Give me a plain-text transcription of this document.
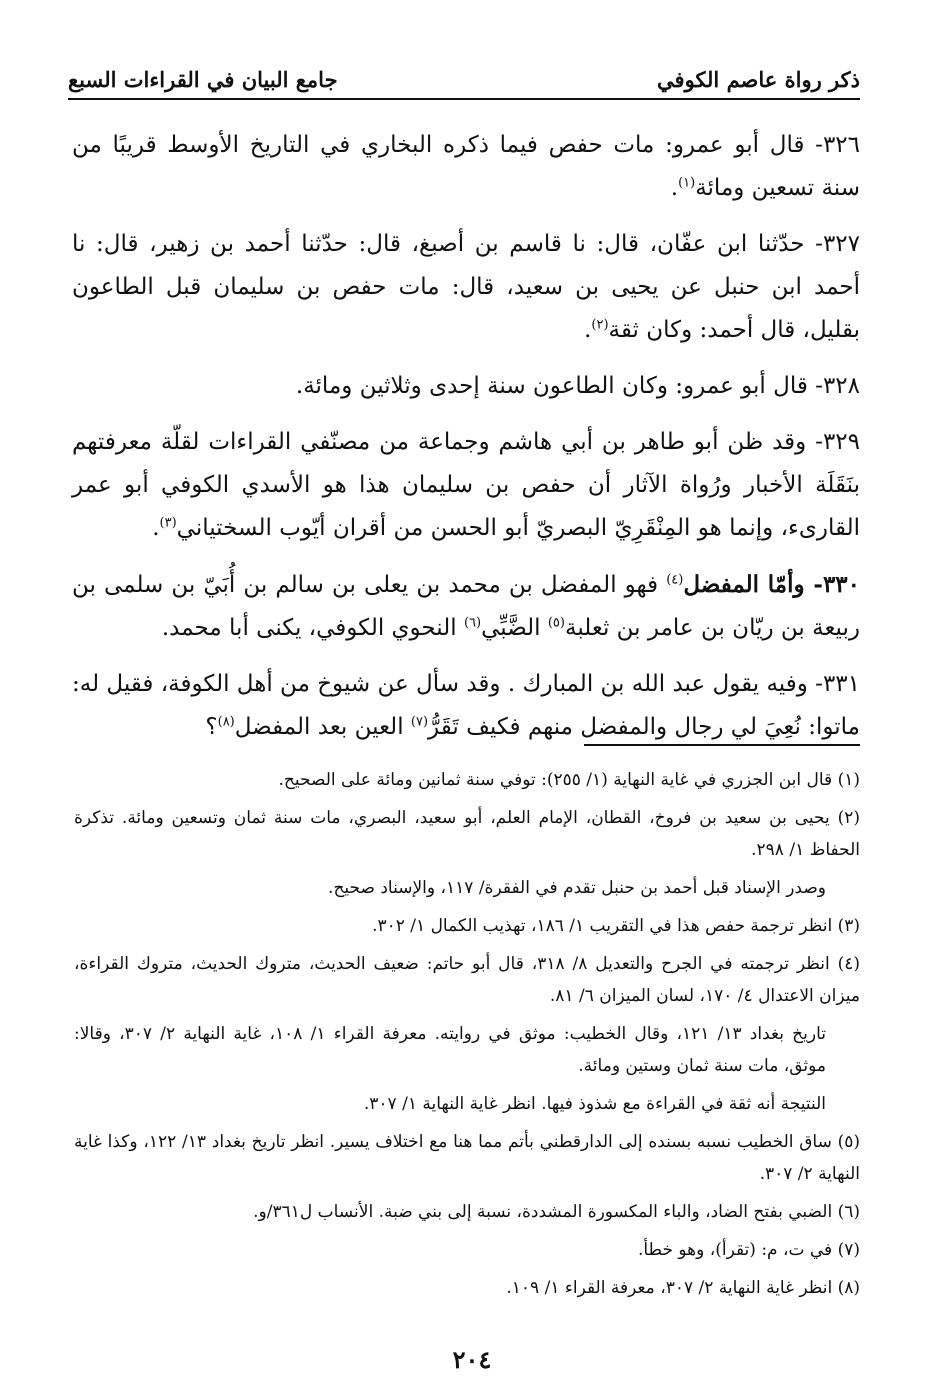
ذكر رواة عاصم الكوفي
جامع البيان في القراءات السبع

٣٢٦- قال أبو عمرو: مات حفص فيما ذكره البخاري في التاريخ الأوسط قريبًا من سنة تسعين ومائة$^{(١)}$.

٣٢٧- حدّثنا ابن عفّان، قال: نا قاسم بن أصبغ، قال: حدّثنا أحمد بن زهير، قال: نا أحمد ابن حنبل عن يحيى بن سعيد، قال: مات حفص بن سليمان قبل الطاعون بقليل، قال أحمد: وكان ثقة$^{(٢)}$.

٣٢٨- قال أبو عمرو: وكان الطاعون سنة إحدى وثلاثين ومائة.

٣٢٩- وقد ظن أبو طاهر بن أبي هاشم وجماعة من مصنّفي القراءات لقلّة معرفتهم بنَقَلَة الأخبار ورُواة الآثار أن حفص بن سليمان هذا هو الأسدي الكوفي أبو عمر القارىء، وإنما هو المِنْقَرِيّ البصريّ أبو الحسن من أقران أيّوب السختياني$^{(٣)}$.

٣٣٠- وأمّا المفضل$^{(٤)}$ فهو المفضل بن محمد بن يعلى بن سالم بن أُبَيّ بن سلمى بن ربيعة بن ريّان بن عامر بن ثعلبة$^{(٥)}$ الضَّبِّي$^{(٦)}$ النحوي الكوفي، يكنى أبا محمد.

٣٣١- وفيه يقول عبد الله بن المبارك . وقد سأل عن شيوخ من أهل الكوفة، فقيل له: ماتوا: نُعِيَ لي رجال والمفضل منهم فكيف تَقَرُّ$^{(٧)}$ العين بعد المفضل$^{(٨)}$؟

(١) قال ابن الجزري في غاية النهاية (١/ ٢٥٥): توفي سنة ثمانين ومائة على الصحيح.

(٢) يحيى بن سعيد بن فروخ، القطان، الإمام العلم، أبو سعيد، البصري، مات سنة ثمان وتسعين ومائة. تذكرة الحفاظ ١/ ٢٩٨.

وصدر الإسناد قبل أحمد بن حنبل تقدم في الفقرة/ ١١٧، والإسناد صحيح.

(٣) انظر ترجمة حفص هذا في التقريب ١/ ١٨٦، تهذيب الكمال ١/ ٣٠٢.

(٤) انظر ترجمته في الجرح والتعديل ٨/ ٣١٨، قال أبو حاتم: ضعيف الحديث، متروك الحديث، متروك القراءة، ميزان الاعتدال ٤/ ١٧٠، لسان الميزان ٦/ ٨١.

تاريخ بغداد ١٣/ ١٢١، وقال الخطيب: موثق في روايته. معرفة القراء ١/ ١٠٨، غاية النهاية ٢/ ٣٠٧، وقالا: موثق، مات سنة ثمان وستين ومائة.

النتيجة أنه ثقة في القراءة مع شذوذ فيها. انظر غاية النهاية ١/ ٣٠٧.

(٥) ساق الخطيب نسبه بسنده إلى الدارقطني بأتم مما هنا مع اختلاف يسير. انظر تاريخ بغداد ١٣/ ١٢٢، وكذا غاية النهاية ٢/ ٣٠٧.

(٦) الضبي بفتح الضاد، والباء المكسورة المشددة، نسبة إلى بني ضبة. الأنساب ل٣٦١/و.

(٧) في ت، م: (تقرأ)، وهو خطأ.

(٨) انظر غاية النهاية ٢/ ٣٠٧، معرفة القراء ١/ ١٠٩.

٢٠٤
